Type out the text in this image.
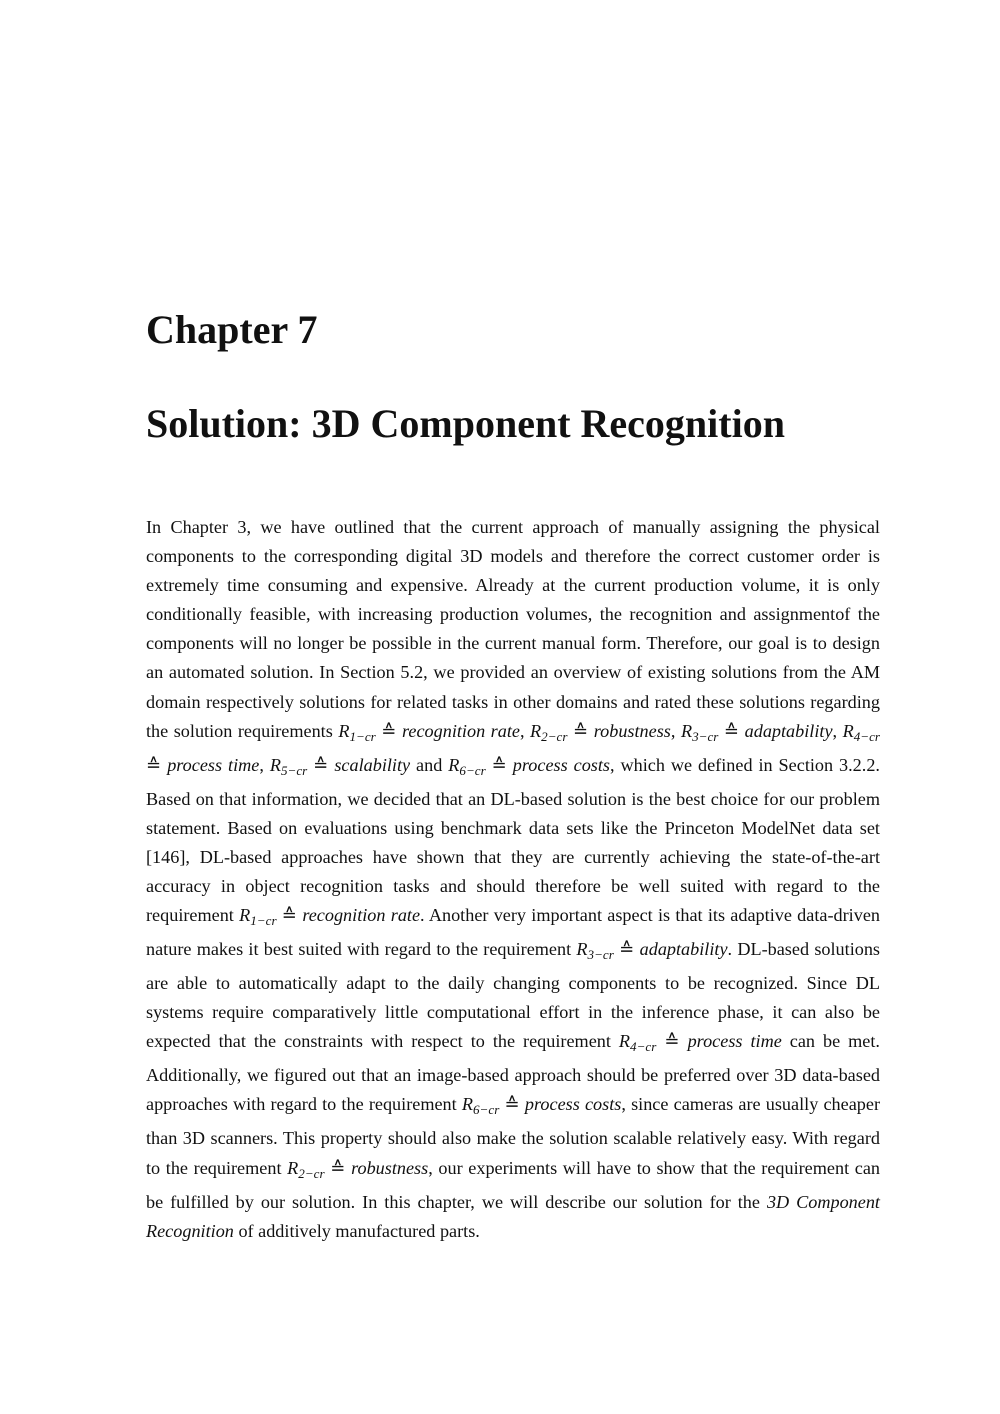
Chapter 7
Solution: 3D Component Recognition

In Chapter 3, we have outlined that the current approach of manually assigning the physical components to the corresponding digital 3D models and therefore the correct customer order is extremely time consuming and expensive. Already at the current production volume, it is only conditionally feasible, with increasing production volumes, the recognition and assignmentof the components will no longer be possible in the current manual form. Therefore, our goal is to design an automated solution. In Section 5.2, we provided an overview of existing solutions from the AM domain respectively solutions for related tasks in other domains and rated these solutions regarding the solution requirements $R_{1-cr}$ ≙ recognition rate, $R_{2-cr}$ ≙ robustness, $R_{3-cr}$ ≙ adaptability, $R_{4-cr}$ ≙ process time, $R_{5-cr}$ ≙ scalability and $R_{6-cr}$ ≙ process costs, which we defined in Section 3.2.2. Based on that information, we decided that an DL-based solution is the best choice for our problem statement. Based on evaluations using benchmark data sets like the Princeton ModelNet data set [146], DL-based approaches have shown that they are currently achieving the state-of-the-art accuracy in object recognition tasks and should therefore be well suited with regard to the requirement $R_{1-cr}$ ≙ recognition rate. Another very important aspect is that its adaptive data-driven nature makes it best suited with regard to the requirement $R_{3-cr}$ ≙ adaptability. DL-based solutions are able to automatically adapt to the daily changing components to be recognized. Since DL systems require comparatively little computational effort in the inference phase, it can also be expected that the constraints with respect to the requirement $R_{4-cr}$ ≙ process time can be met. Additionally, we figured out that an image-based approach should be preferred over 3D data-based approaches with regard to the requirement $R_{6-cr}$ ≙ process costs, since cameras are usually cheaper than 3D scanners. This property should also make the solution scalable relatively easy. With regard to the requirement $R_{2-cr}$ ≙ robustness, our experiments will have to show that the requirement can be fulfilled by our solution. In this chapter, we will describe our solution for the 3D Component Recognition of additively manufactured parts.
